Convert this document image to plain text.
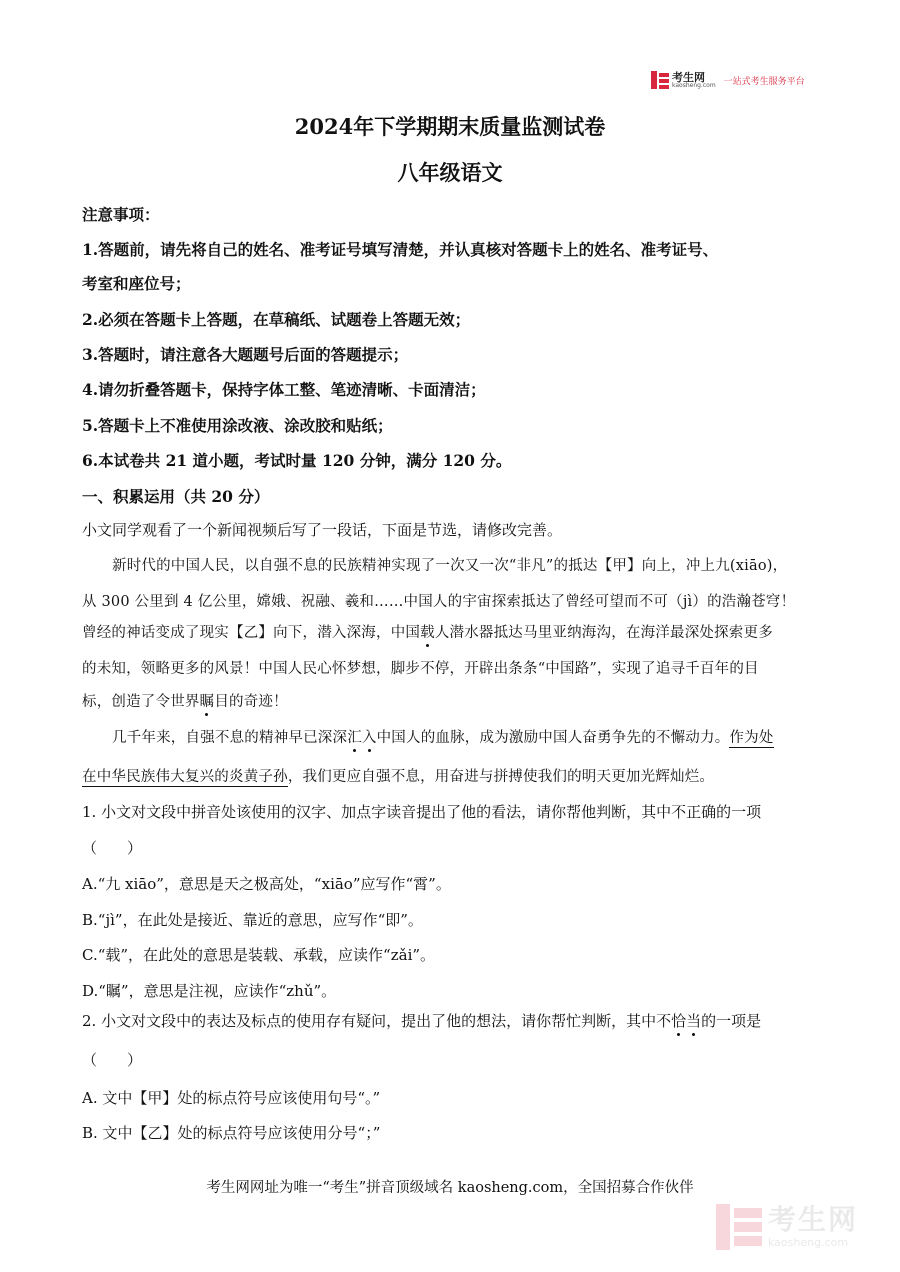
考生网
kaosheng.com 一站式考生服务平台
2024年下学期期末质量监测试卷
八年级语文
注意事项：
1.答题前，请先将自己的姓名、准考证号填写清楚，并认真核对答题卡上的姓名、准考证号、
考室和座位号；
2.必须在答题卡上答题，在草稿纸、试题卷上答题无效；
3.答题时，请注意各大题题号后面的答题提示；
4.请勿折叠答题卡，保持字体工整、笔迹清晰、卡面清洁；
5.答题卡上不准使用涂改液、涂改胶和贴纸；
6.本试卷共 21 道小题，考试时量 120 分钟，满分 120 分。
一、积累运用（共 20 分）
小文同学观看了一个新闻视频后写了一段话，下面是节选，请修改完善。
新时代的中国人民，以自强不息的民族精神实现了一次又一次“非凡”的抵达【甲】向上，冲上九(xiāo)，
从 300 公里到 4 亿公里，嫦娥、祝融、羲和……中国人的宇宙探索抵达了曾经可望而不可（jì）的浩瀚苍穹！
曾经的神话变成了现实【乙】向下，潜入深海，中国载人潜水器抵达马里亚纳海沟，在海洋最深处探索更多
的未知，领略更多的风景！中国人民心怀梦想，脚步不停，开辟出条条“中国路”，实现了追寻千百年的目
标，创造了令世界瞩目的奇迹！
几千年来，自强不息的精神早已深深汇入中国人的血脉，成为激励中国人奋勇争先的不懈动力。作为处
在中华民族伟大复兴的炎黄子孙，我们更应自强不息，用奋进与拼搏使我们的明天更加光辉灿烂。
1. 小文对文段中拼音处该使用的汉字、加点字读音提出了他的看法，请你帮他判断，其中不正确的一项
（　　）
A.“九 xiāo”，意思是天之极高处，“xiāo”应写作“霄”。
B.“jì”，在此处是接近、靠近的意思，应写作“即”。
C.“载”，在此处的意思是装载、承载，应读作“zǎi”。
D.“瞩”，意思是注视，应读作“zhǔ”。
2. 小文对文段中的表达及标点的使用存有疑问，提出了他的想法，请你帮忙判断，其中不恰当的一项是
（　　）
A. 文中【甲】处的标点符号应该使用句号“。”
B. 文中【乙】处的标点符号应该使用分号“；”
考生网网址为唯一“考生”拼音顶级域名 kaosheng.com，全国招募合作伙伴
考生网
kaosheng.com
